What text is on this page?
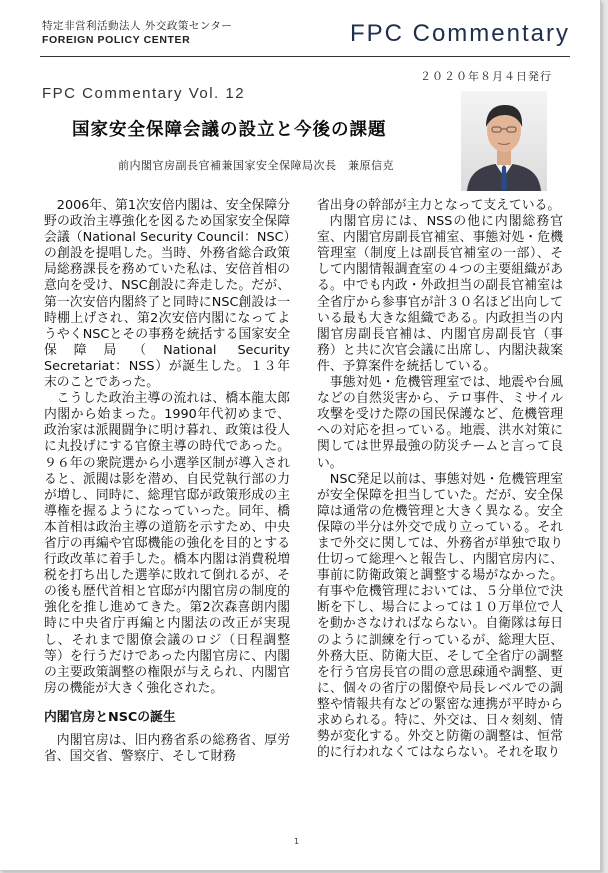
特定非営利活動法人 外交政策センター
FOREIGN POLICY CENTER	FPC Commentary
２０２０年８月４日発行
FPC Commentary Vol. 12
国家安全保障会議の設立と今後の課題
前内閣官房副長官補兼国家安全保障局次長　兼原信克

2006年、第1次安倍内閣は、安全保障分野の政治主導強化を図るため国家安全保障会議（National Security Council：NSC）の創設を提唱した。当時、外務省総合政策局総務課長を務めていた私は、安倍首相の意向を受け、NSC創設に奔走した。だが、第一次安倍内閣終了と同時にNSC創設は一時棚上げされ、第2次安倍内閣になってようやくNSCとその事務を統括する国家安全保障局（National Security Secretariat：NSS）が誕生した。１３年末のことであった。

こうした政治主導の流れは、橋本龍太郎内閣から始まった。1990年代初めまで、政治家は派閥闘争に明け暮れ、政策は役人に丸投げにする官僚主導の時代であった。９６年の衆院選から小選挙区制が導入されると、派閥は影を潜め、自民党執行部の力が増し、同時に、総理官邸が政策形成の主導権を握るようになっていった。同年、橋本首相は政治主導の道筋を示すため、中央省庁の再編や官邸機能の強化を目的とする行政改革に着手した。橋本内閣は消費税増税を打ち出した選挙に敗れて倒れるが、その後も歴代首相と官邸が内閣官房の制度的強化を推し進めてきた。第2次森喜朗内閣時に中央省庁再編と内閣法の改正が実現し、それまで閣僚会議のロジ（日程調整等）を行うだけであった内閣官房に、内閣の主要政策調整の権限が与えられ、内閣官房の機能が大きく強化された。

内閣官房とNSCの誕生

内閣官房は、旧内務省系の総務省、厚労省、国交省、警察庁、そして財務

省出身の幹部が主力となって支えている。

内閣官房には、NSSの他に内閣総務官室、内閣官房副長官補室、事態対処・危機管理室（制度上は副長官補室の一部）、そして内閣情報調査室の４つの主要組織がある。中でも内政・外政担当の副長官補室は全省庁から参事官が計３０名ほど出向している最も大きな組織である。内政担当の内閣官房副長官補は、内閣官房副長官（事務）と共に次官会議に出席し、内閣決裁案件、予算案件を統括している。

事態対処・危機管理室では、地震や台風などの自然災害から、テロ事件、ミサイル攻撃を受けた際の国民保護など、危機管理への対応を担っている。地震、洪水対策に関しては世界最強の防災チームと言って良い。

NSC発足以前は、事態対処・危機管理室が安全保障を担当していた。だが、安全保障は通常の危機管理と大きく異なる。安全保障の半分は外交で成り立っている。それまで外交に関しては、外務省が単独で取り仕切って総理へと報告し、内閣官房内に、事前に防衛政策と調整する場がなかった。有事や危機管理においては、５分単位で決断を下し、場合によっては１０万単位で人を動かさなければならない。自衛隊は毎日のように訓練を行っているが、総理大臣、外務大臣、防衛大臣、そして全省庁の調整を行う官房長官の間の意思疎通や調整、更に、個々の省庁の閣僚や局長レベルでの調整や情報共有などの緊密な連携が平時から求められる。特に、外交は、日々刻刻、情勢が変化する。外交と防衛の調整は、恒常的に行われなくてはならない。それを取り

1
